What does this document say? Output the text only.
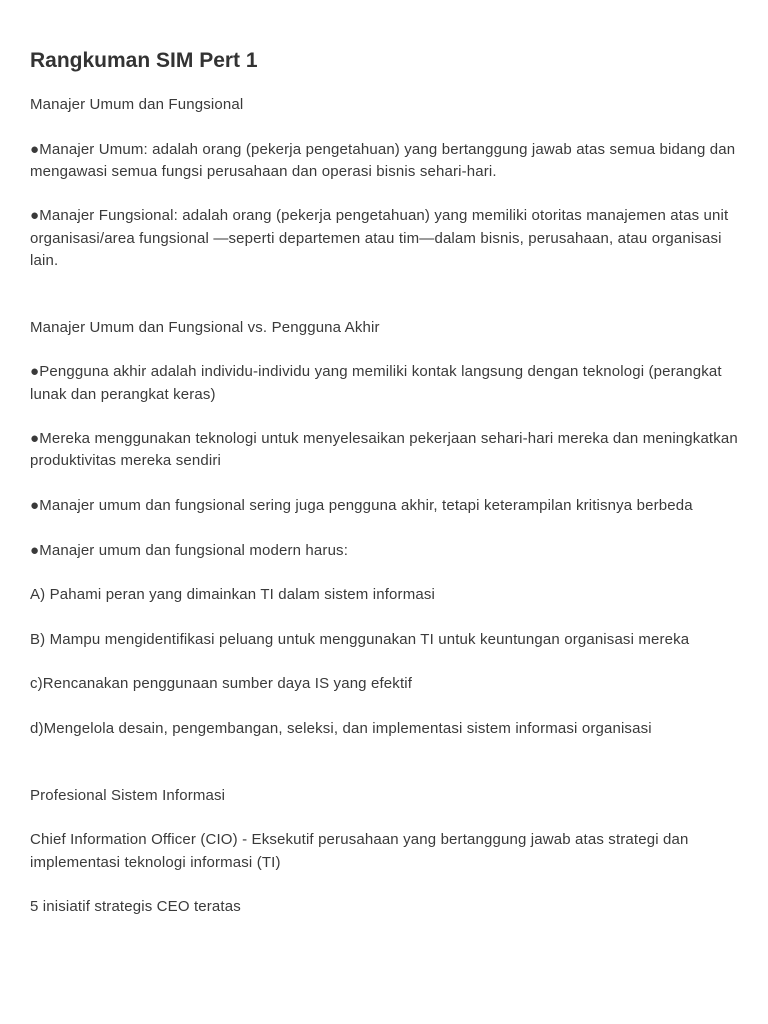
Rangkuman SIM Pert 1

Manajer Umum dan Fungsional

●Manajer Umum: adalah orang (pekerja pengetahuan) yang bertanggung jawab atas semua bidang dan mengawasi semua fungsi perusahaan dan operasi bisnis sehari-hari.

●Manajer Fungsional: adalah orang (pekerja pengetahuan) yang memiliki otoritas manajemen atas unit organisasi/area fungsional —seperti departemen atau tim—dalam bisnis, perusahaan, atau organisasi lain.

Manajer Umum dan Fungsional vs. Pengguna Akhir

●Pengguna akhir adalah individu-individu yang memiliki kontak langsung dengan teknologi (perangkat lunak dan perangkat keras)

●Mereka menggunakan teknologi untuk menyelesaikan pekerjaan sehari-hari mereka dan meningkatkan produktivitas mereka sendiri

●Manajer umum dan fungsional sering juga pengguna akhir, tetapi keterampilan kritisnya berbeda

●Manajer umum dan fungsional modern harus:

A) Pahami peran yang dimainkan TI dalam sistem informasi

B) Mampu mengidentifikasi peluang untuk menggunakan TI untuk keuntungan organisasi mereka

c)Rencanakan penggunaan sumber daya IS yang efektif

d)Mengelola desain, pengembangan, seleksi, dan implementasi sistem informasi organisasi

Profesional Sistem Informasi

Chief Information Officer (CIO) - Eksekutif perusahaan yang bertanggung jawab atas strategi dan implementasi teknologi informasi (TI)

5 inisiatif strategis CEO teratas
